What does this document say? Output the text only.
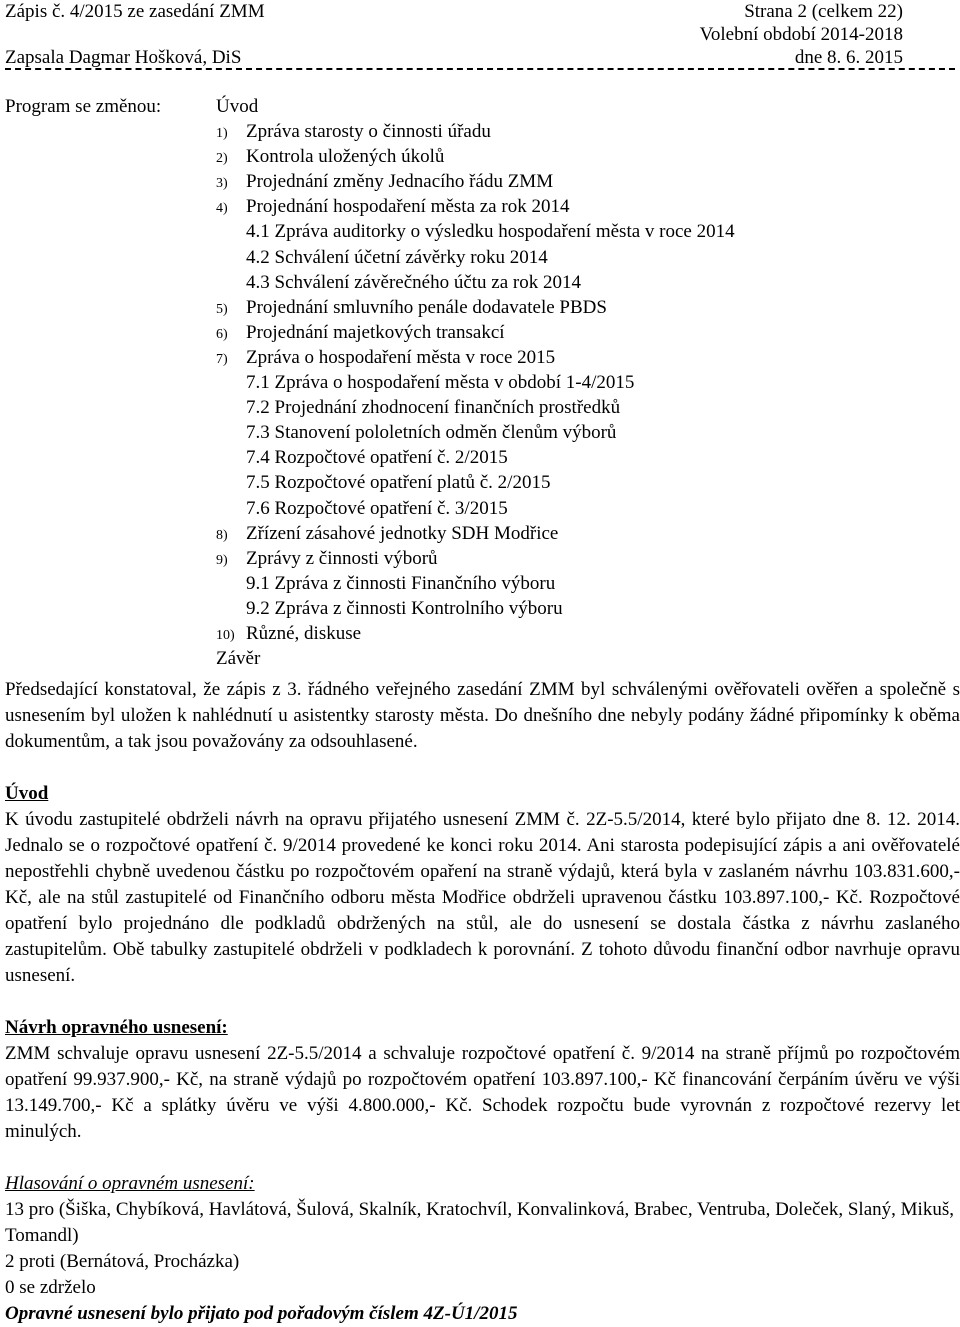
Zápis č. 4/2015 ze zasedání ZMM	Strana 2 (celkem 22)
Volební období 2014-2018
Zapsala Dagmar Hošková, DiS	dne 8. 6. 2015
Program se změnou:	Úvod
1) Zpráva starosty o činnosti úřadu
2) Kontrola uložených úkolů
3) Projednání změny Jednacího řádu ZMM
4) Projednání hospodaření města za rok 2014
4.1 Zpráva auditorky o výsledku hospodaření města v roce 2014
4.2 Schválení účetní závěrky roku 2014
4.3 Schválení závěrečného účtu za rok 2014
5) Projednání smluvního penále dodavatele PBDS
6) Projednání majetkových transakcí
7) Zpráva o hospodaření města v roce 2015
7.1 Zpráva o hospodaření města v období 1-4/2015
7.2 Projednání zhodnocení finančních prostředků
7.3 Stanovení pololetních odměn členům výborů
7.4 Rozpočtové opatření č. 2/2015
7.5 Rozpočtové opatření platů č. 2/2015
7.6 Rozpočtové opatření č. 3/2015
8) Zřízení zásahové jednotky SDH Modřice
9) Zprávy z činnosti výborů
9.1 Zpráva z činnosti Finančního výboru
9.2 Zpráva z činnosti Kontrolního výboru
10) Různé, diskuse
Závěr

Předsedající konstatoval, že zápis z 3. řádného veřejného zasedání ZMM byl schválenými ověřovateli ověřen a společně s usnesením byl uložen k nahlédnutí u asistentky starosty města. Do dnešního dne nebyly podány žádné připomínky k oběma dokumentům, a tak jsou považovány za odsouhlasené.

Úvod

K úvodu zastupitelé obdrželi návrh na opravu přijatého usnesení ZMM č. 2Z-5.5/2014, které bylo přijato dne 8. 12. 2014. Jednalo se o rozpočtové opatření č. 9/2014 provedené ke konci roku 2014. Ani starosta podepisující zápis a ani ověřovatelé nepostřehli chybně uvedenou částku po rozpočtovém opaření na straně výdajů, která byla v zaslaném návrhu 103.831.600,- Kč, ale na stůl zastupitelé od Finančního odboru města Modřice obdrželi upravenou částku 103.897.100,- Kč. Rozpočtové opatření bylo projednáno dle podkladů obdržených na stůl, ale do usnesení se dostala částka z návrhu zaslaného zastupitelům. Obě tabulky zastupitelé obdrželi v podkladech k porovnání. Z tohoto důvodu finanční odbor navrhuje opravu usnesení.

Návrh opravného usnesení:

ZMM schvaluje opravu usnesení 2Z-5.5/2014 a schvaluje rozpočtové opatření č. 9/2014 na straně příjmů po rozpočtovém opatření 99.937.900,- Kč, na straně výdajů po rozpočtovém opatření 103.897.100,- Kč financování čerpáním úvěru ve výši 13.149.700,- Kč a splátky úvěru ve výši 4.800.000,- Kč. Schodek rozpočtu bude vyrovnán z rozpočtové rezervy let minulých.

Hlasování o opravném usnesení:

13 pro (Šiška, Chybíková, Havlátová, Šulová, Skalník, Kratochvíl, Konvalinková, Brabec, Ventruba, Doleček, Slaný, Mikuš, Tomandl)

2 proti (Bernátová, Procházka)

0 se zdrželo

Opravné usnesení bylo přijato pod pořadovým číslem 4Z-Ú1/2015
